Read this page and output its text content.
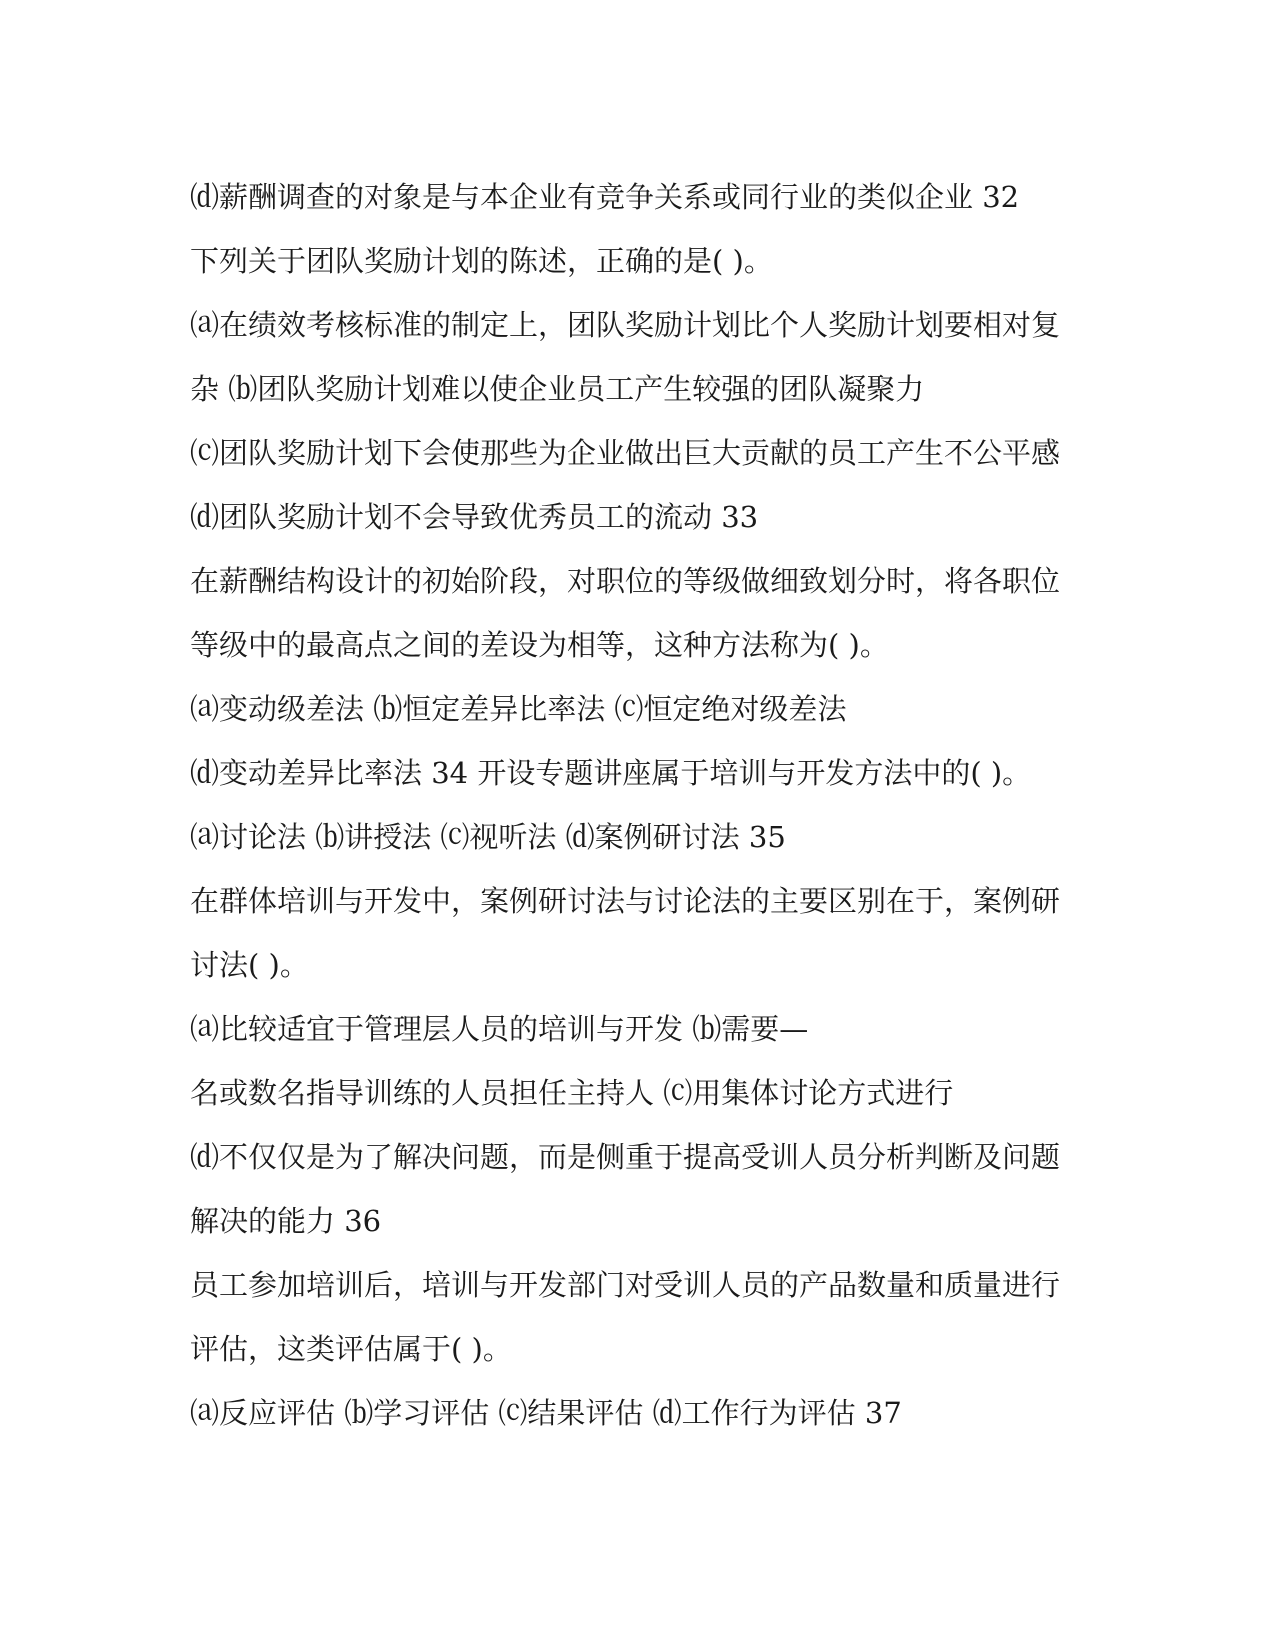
⒟薪酬调查的对象是与本企业有竞争关系或同行业的类似企业 32
下列关于团队奖励计划的陈述，正确的是( )。
⒜在绩效考核标准的制定上，团队奖励计划比个人奖励计划要相对复
杂 ⒝团队奖励计划难以使企业员工产生较强的团队凝聚力
⒞团队奖励计划下会使那些为企业做出巨大贡献的员工产生不公平感
⒟团队奖励计划不会导致优秀员工的流动 33
在薪酬结构设计的初始阶段，对职位的等级做细致划分时，将各职位
等级中的最高点之间的差设为相等，这种方法称为( )。
⒜变动级差法 ⒝恒定差异比率法 ⒞恒定绝对级差法
⒟变动差异比率法 34 开设专题讲座属于培训与开发方法中的( )。
⒜讨论法 ⒝讲授法 ⒞视听法 ⒟案例研讨法 35
在群体培训与开发中，案例研讨法与讨论法的主要区别在于，案例研
讨法( )。
⒜比较适宜于管理层人员的培训与开发 ⒝需要—
名或数名指导训练的人员担任主持人 ⒞用集体讨论方式进行
⒟不仅仅是为了解决问题，而是侧重于提高受训人员分析判断及问题
解决的能力 36
员工参加培训后，培训与开发部门对受训人员的产品数量和质量进行
评估，这类评估属于( )。
⒜反应评估 ⒝学习评估 ⒞结果评估 ⒟工作行为评估 37
